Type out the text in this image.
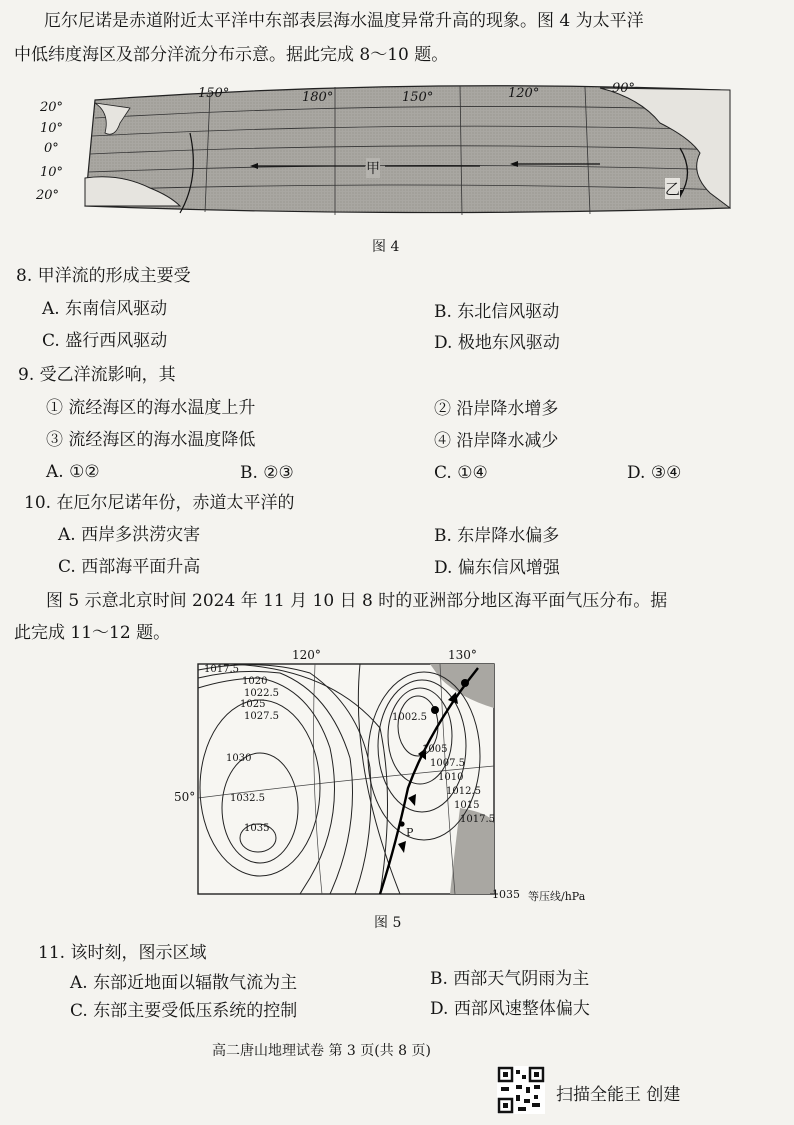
厄尔尼诺是赤道附近太平洋中东部表层海水温度异常升高的现象。图 4 为太平洋
中低纬度海区及部分洋流分布示意。据此完成 8～10 题。
150°	180°	150°	120°	90°
20°
10°
0°
10°
20°
甲
乙
图 4
8. 甲洋流的形成主要受
A. 东南信风驱动	B. 东北信风驱动
C. 盛行西风驱动	D. 极地东风驱动
9. 受乙洋流影响，其
① 流经海区的海水温度上升	② 沿岸降水增多
③ 流经海区的海水温度降低	④ 沿岸降水减少
A. ①②	B. ②③	C. ①④	D. ③④
10. 在厄尔尼诺年份，赤道太平洋的
A. 西岸多洪涝灾害	B. 东岸降水偏多
C. 西部海平面升高	D. 偏东信风增强
图 5 示意北京时间 2024 年 11 月 10 日 8 时的亚洲部分地区海平面气压分布。据
此完成 11～12 题。
120°	130°
50°
1017.5
1020
1022.5
1025
1027.5
1030
1032.5
1035
1002.5
1005
1007.5
1010
1012.5
1015
1017.5
P
1035 等压线/hPa
图 5
11. 该时刻，图示区域
A. 东部近地面以辐散气流为主	B. 西部天气阴雨为主
C. 东部主要受低压系统的控制	D. 西部风速整体偏大
高二唐山地理试卷 第 3 页(共 8 页)
扫描全能王 创建
